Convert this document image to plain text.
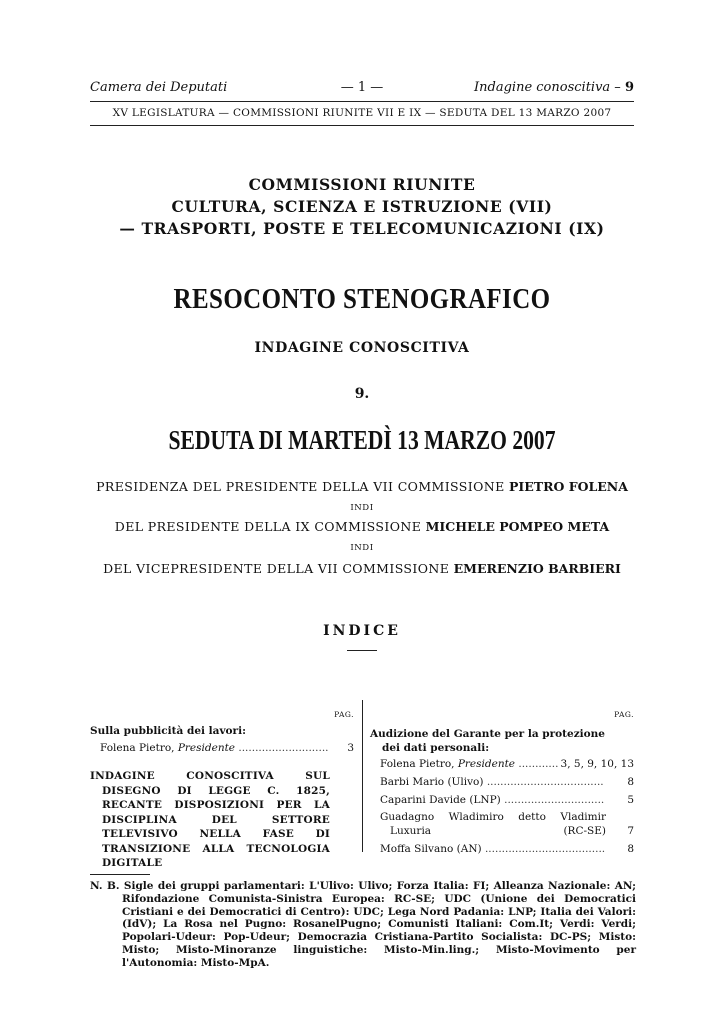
Camera dei Deputati	— 1 —	Indagine conoscitiva – 9
XV LEGISLATURA — COMMISSIONI RIUNITE VII E IX — SEDUTA DEL 13 MARZO 2007
COMMISSIONI RIUNITE
CULTURA, SCIENZA E ISTRUZIONE (VII)
— TRASPORTI, POSTE E TELECOMUNICAZIONI (IX)
RESOCONTO STENOGRAFICO
INDAGINE CONOSCITIVA
9.
SEDUTA DI MARTEDÌ 13 MARZO 2007
PRESIDENZA DEL PRESIDENTE DELLA VII COMMISSIONE PIETRO FOLENA
INDI
DEL PRESIDENTE DELLA IX COMMISSIONE MICHELE POMPEO META
INDI
DEL VICEPRESIDENTE DELLA VII COMMISSIONE EMERENZIO BARBIERI
INDICE
PAG.	PAG.
Sulla pubblicità dei lavori:
Folena Pietro, Presidente ...........................	3
INDAGINE CONOSCITIVA SUL DISEGNO DI LEGGE C. 1825, RECANTE DISPOSIZIONI PER LA DISCIPLINA DEL SETTORE TELEVISIVO NELLA FASE DI TRANSIZIONE ALLA TECNOLOGIA DIGITALE
Audizione del Garante per la protezione dei dati personali:
Folena Pietro, Presidente ............ 3, 5, 9, 10, 13
Barbi Mario (Ulivo) ...................................	8
Caparini Davide (LNP) ..............................	5
Guadagno Wladimiro detto Vladimir Luxuria (RC-SE) 7
Moffa Silvano (AN) ....................................	8
N. B. Sigle dei gruppi parlamentari: L'Ulivo: Ulivo; Forza Italia: FI; Alleanza Nazionale: AN; Rifondazione Comunista-Sinistra Europea: RC-SE; UDC (Unione dei Democratici Cristiani e dei Democratici di Centro): UDC; Lega Nord Padania: LNP; Italia dei Valori: (IdV); La Rosa nel Pugno: RosanelPugno; Comunisti Italiani: Com.It; Verdi: Verdi; Popolari-Udeur: Pop-Udeur; Democrazia Cristiana-Partito Socialista: DC-PS; Misto: Misto; Misto-Minoranze linguistiche: Misto-Min.ling.; Misto-Movimento per l'Autonomia: Misto-MpA.
